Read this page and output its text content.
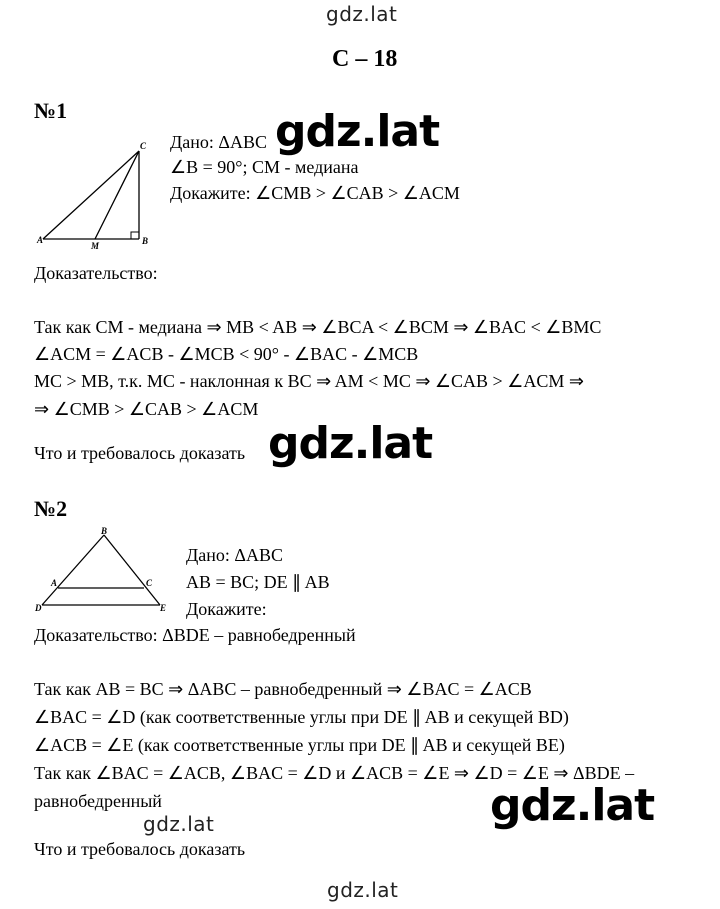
gdz.lat
gdz.lat
С – 18
№1
A	B
C
M
Дано: ΔABC gdz.lat
∠B = 90°; CM - медиана
Докажите: ∠CMB > ∠CAB > ∠ACM
Доказательство:
Так как CM - медиана ⇒ MB < AB ⇒ ∠BCA < ∠BCM ⇒ ∠BAC < ∠BMC
∠ACM = ∠ACB - ∠MCB < 90° - ∠BAC - ∠MCB
MC > MB, т.к. MC - наклонная к BC ⇒ AM < MC ⇒ ∠CAB > ∠ACM ⇒
⇒ ∠CMB > ∠CAB > ∠ACM
Что и требовалось доказать gdz.lat
№2
B
A	C
D	E
Дано: ΔABC
AB = BC; DE ∥ AB
Докажите:
Доказательство: ΔBDE – равнобедренный
Так как AB = BC ⇒ ΔABC – равнобедренный ⇒ ∠BAC = ∠ACB
∠BAC = ∠D (как соответственные углы при DE ∥ AB и секущей BD)
∠ACB = ∠E (как соответственные углы при DE ∥ AB и секущей BE)
Так как ∠BAC = ∠ACB, ∠BAC = ∠D и ∠ACB = ∠E ⇒ ∠D = ∠E ⇒ ΔBDE –
равнобедренный	gdz.lat
gdz.lat
Что и требовалось доказать
